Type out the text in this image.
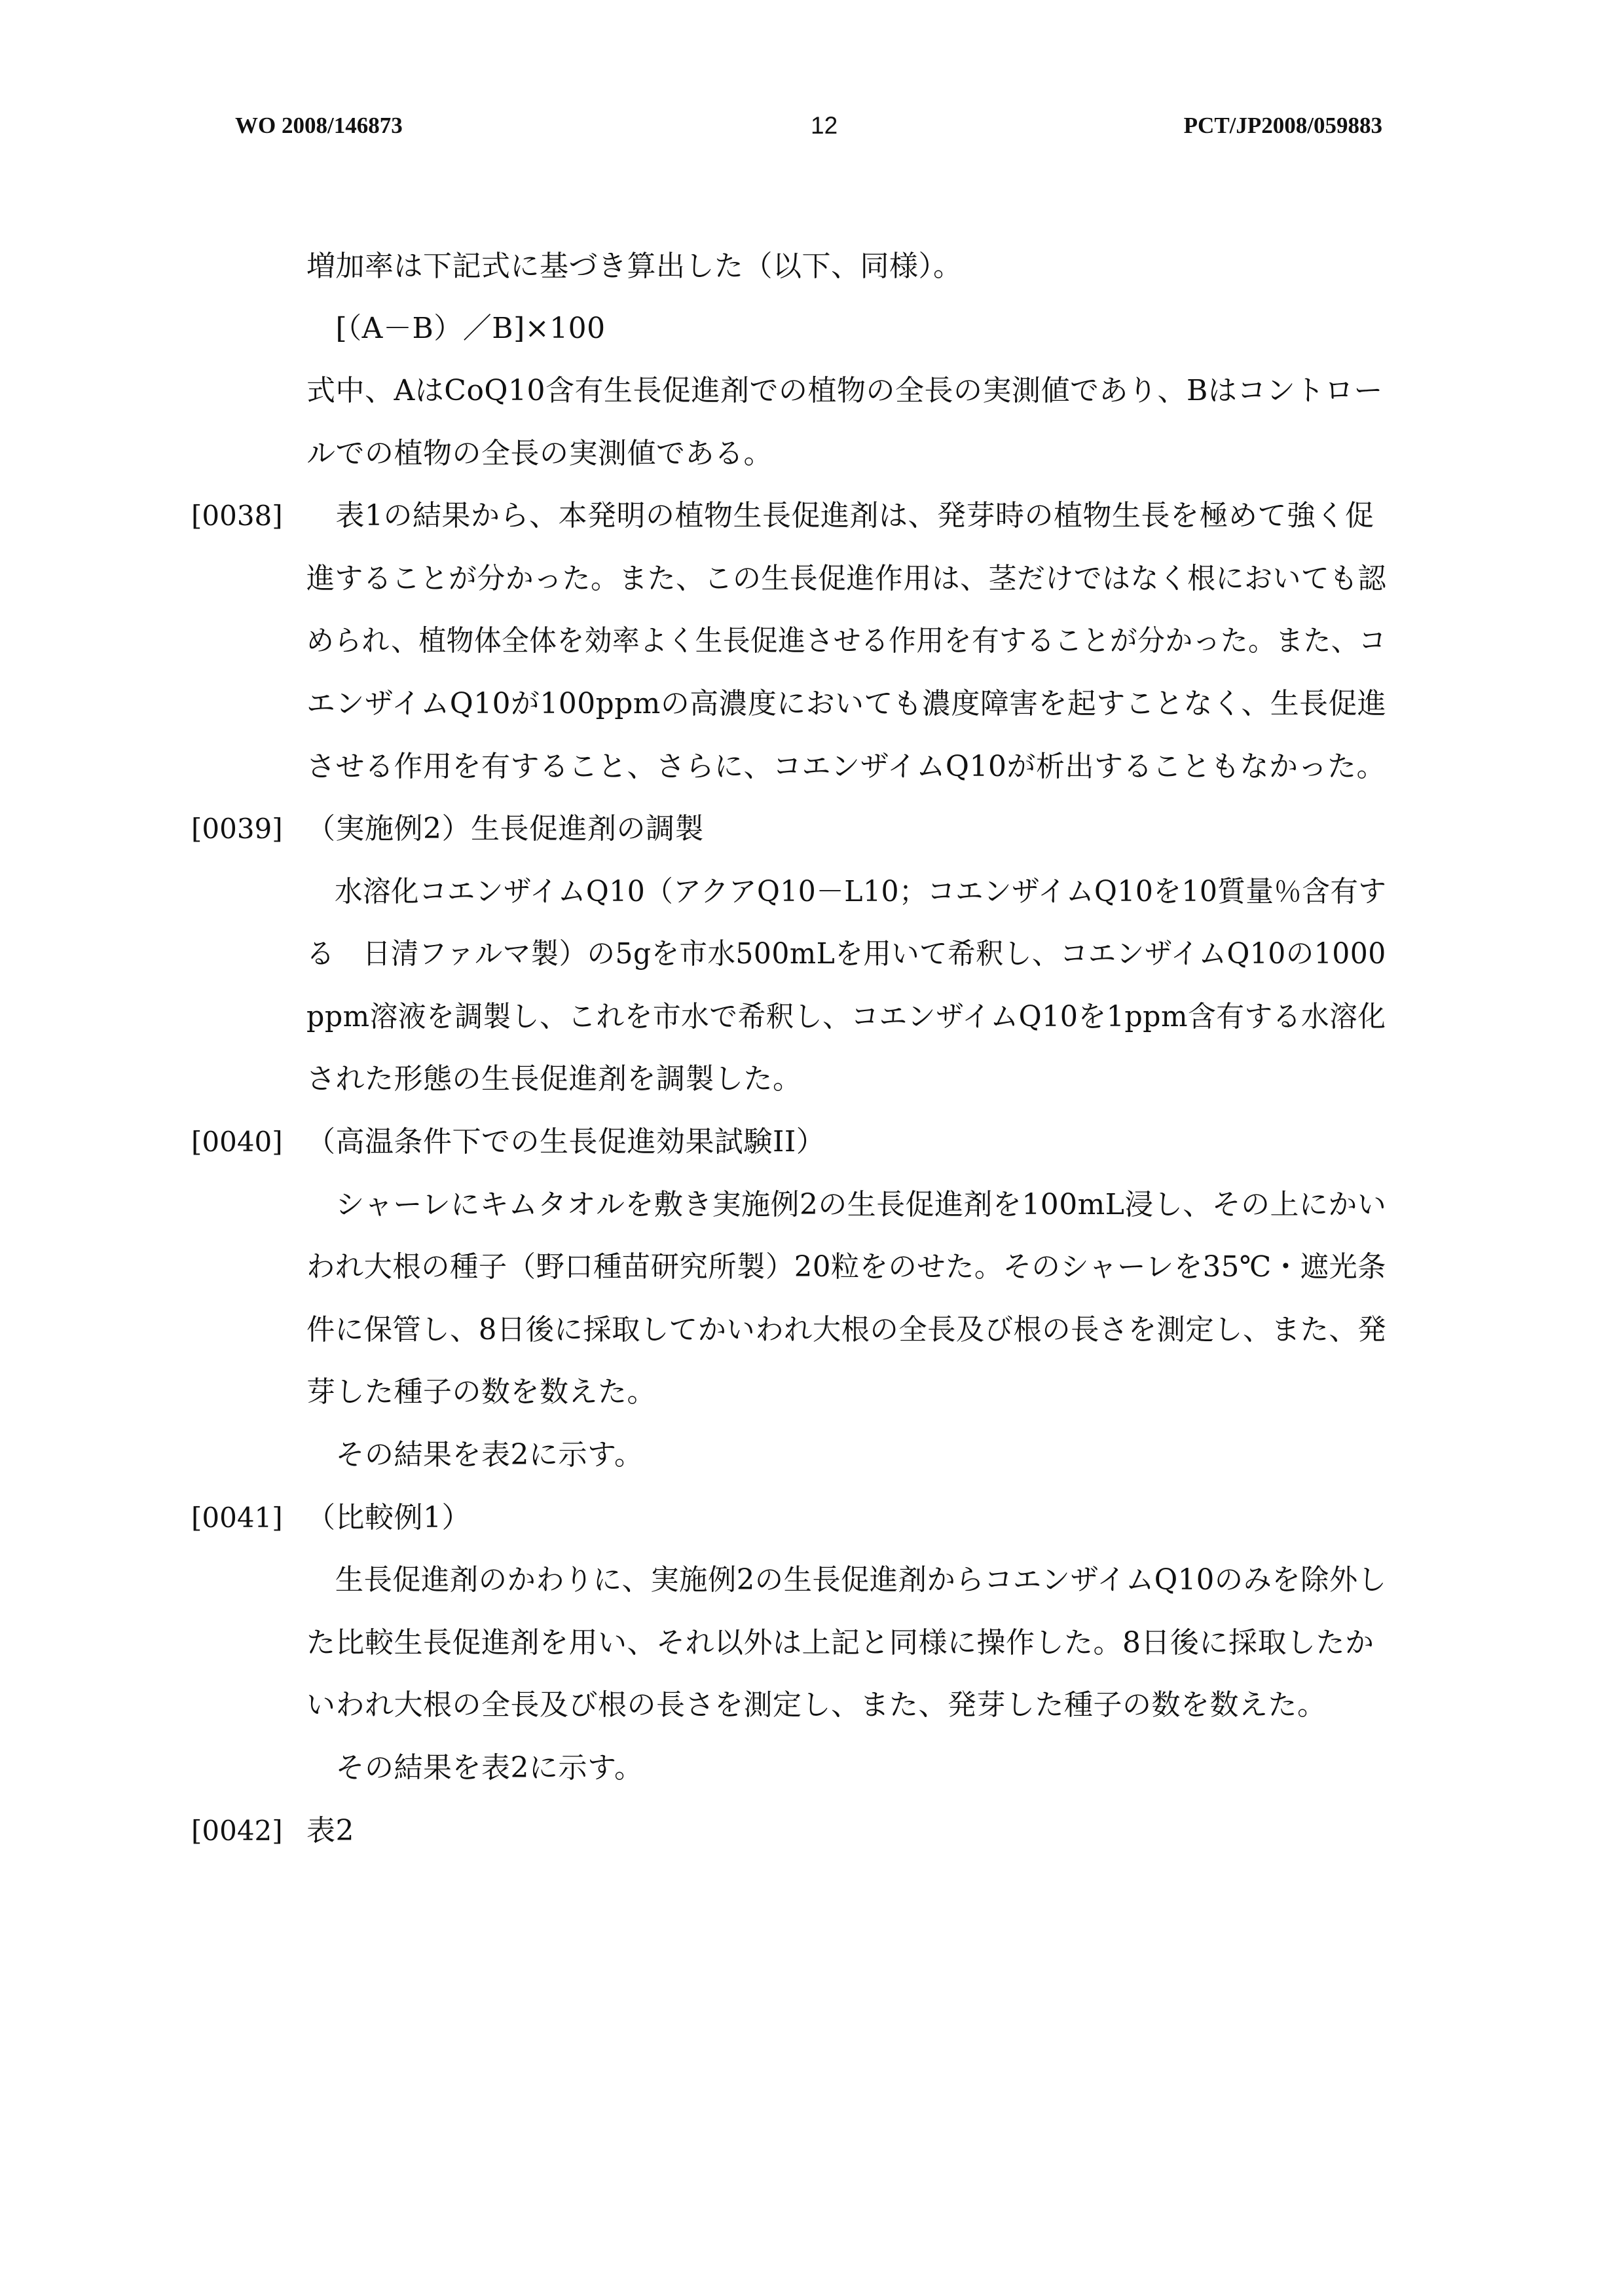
WO 2008/146873	12	PCT/JP2008/059883
増加率は下記式に基づき算出した（以下、同様）。
　[（A－B）／B]×100
式中、AはCoQ10含有生長促進剤での植物の全長の実測値であり、Bはコントロー
ルでの植物の全長の実測値である。
[0038] 　表1の結果から、本発明の植物生長促進剤は、発芽時の植物生長を極めて強く促
進することが分かった。また、この生長促進作用は、茎だけではなく根においても認
められ、植物体全体を効率よく生長促進させる作用を有することが分かった。また、コ
エンザイムQ10が100ppmの高濃度においても濃度障害を起すことなく、生長促進
させる作用を有すること、さらに、コエンザイムQ10が析出することもなかった。
[0039] （実施例2）生長促進剤の調製
　水溶化コエンザイムQ10（アクアQ10－L10；コエンザイムQ10を10質量％含有す
る　日清ファルマ製）の5gを市水500mLを用いて希釈し、コエンザイムQ10の1000
ppm溶液を調製し、これを市水で希釈し、コエンザイムQ10を1ppm含有する水溶化
された形態の生長促進剤を調製した。
[0040] （高温条件下での生長促進効果試験II）
　シャーレにキムタオルを敷き実施例2の生長促進剤を100mL浸し、その上にかい
われ大根の種子（野口種苗研究所製）20粒をのせた。そのシャーレを35℃・遮光条
件に保管し、8日後に採取してかいわれ大根の全長及び根の長さを測定し、また、発
芽した種子の数を数えた。
　その結果を表2に示す。
[0041] （比較例1）
　生長促進剤のかわりに、実施例2の生長促進剤からコエンザイムQ10のみを除外し
た比較生長促進剤を用い、それ以外は上記と同様に操作した。8日後に採取したか
いわれ大根の全長及び根の長さを測定し、また、発芽した種子の数を数えた。
　その結果を表2に示す。
[0042] 表2
